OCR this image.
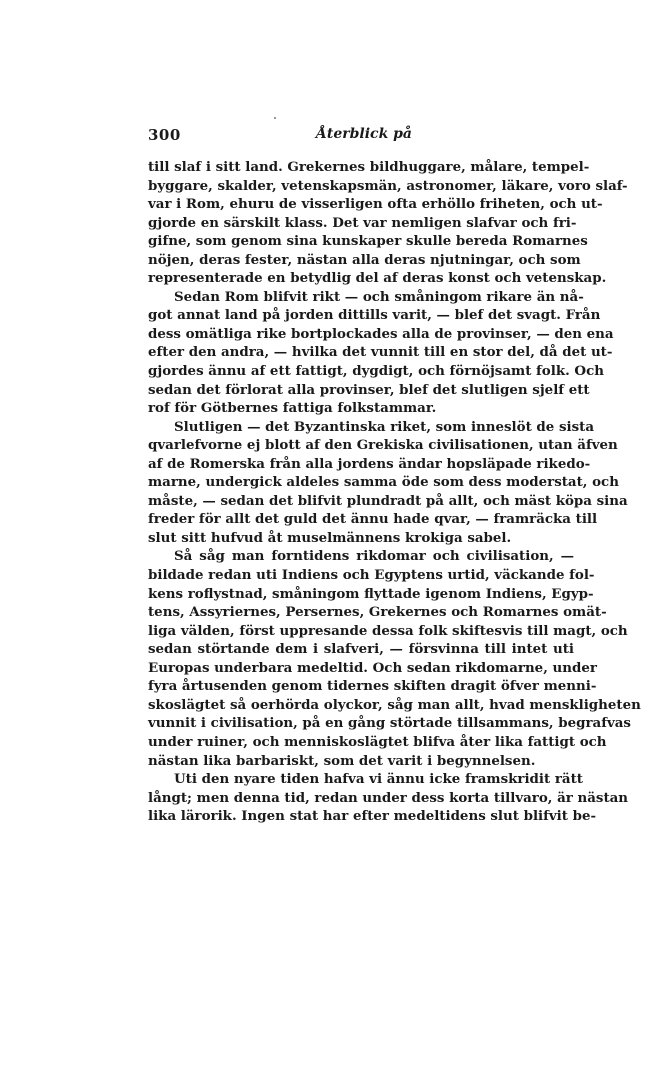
300	Återblick på
till slaf i sitt land. Grekernes bildhuggare, målare, tempel-
byggare, skalder, vetenskapsmän, astronomer, läkare, voro slaf-
var i Rom, ehuru de visserligen ofta erhöllo friheten, och ut-
gjorde en särskilt klass. Det var nemligen slafvar och fri-
gifne, som genom sina kunskaper skulle bereda Romarnes
nöjen, deras fester, nästan alla deras njutningar, och som
representerade en betydlig del af deras konst och vetenskap.
Sedan Rom blifvit rikt — och småningom rikare än nå-
got annat land på jorden dittills varit, — blef det svagt. Från
dess omätliga rike bortplockades alla de provinser, — den ena
efter den andra, — hvilka det vunnit till en stor del, då det ut-
gjordes ännu af ett fattigt, dygdigt, och förnöjsamt folk. Och
sedan det förlorat alla provinser, blef det slutligen sjelf ett
rof för Götbernes fattiga folkstammar.
Slutligen — det Byzantinska riket, som inneslöt de sista
qvarlefvorne ej blott af den Grekiska civilisationen, utan äfven
af de Romerska från alla jordens ändar hopsläpade rikedo-
marne, undergick aldeles samma öde som dess moderstat, och
måste, — sedan det blifvit plundradt på allt, och mäst köpa sina
freder för allt det guld det ännu hade qvar, — framräcka till
slut sitt hufvud åt muselmännens krokiga sabel.
Så såg man forntidens rikdomar och civilisation, —
bildade redan uti Indiens och Egyptens urtid, väckande fol-
kens roflystnad, småningom flyttade igenom Indiens, Egyp-
tens, Assyriernes, Persernes, Grekernes och Romarnes omät-
liga välden, först uppresande dessa folk skiftesvis till magt, och
sedan störtande dem i slafveri, — försvinna till intet uti
Europas underbara medeltid. Och sedan rikdomarne, under
fyra årtusenden genom tidernes skiften dragit öfver menni-
skoslägtet så oerhörda olyckor, såg man allt, hvad menskligheten
vunnit i civilisation, på en gång störtade tillsammans, begrafvas
under ruiner, och menniskoslägtet blifva åter lika fattigt och
nästan lika barbariskt, som det varit i begynnelsen.
Uti den nyare tiden hafva vi ännu icke framskridit rätt
långt; men denna tid, redan under dess korta tillvaro, är nästan
lika lärorik. Ingen stat har efter medeltidens slut blifvit be-
